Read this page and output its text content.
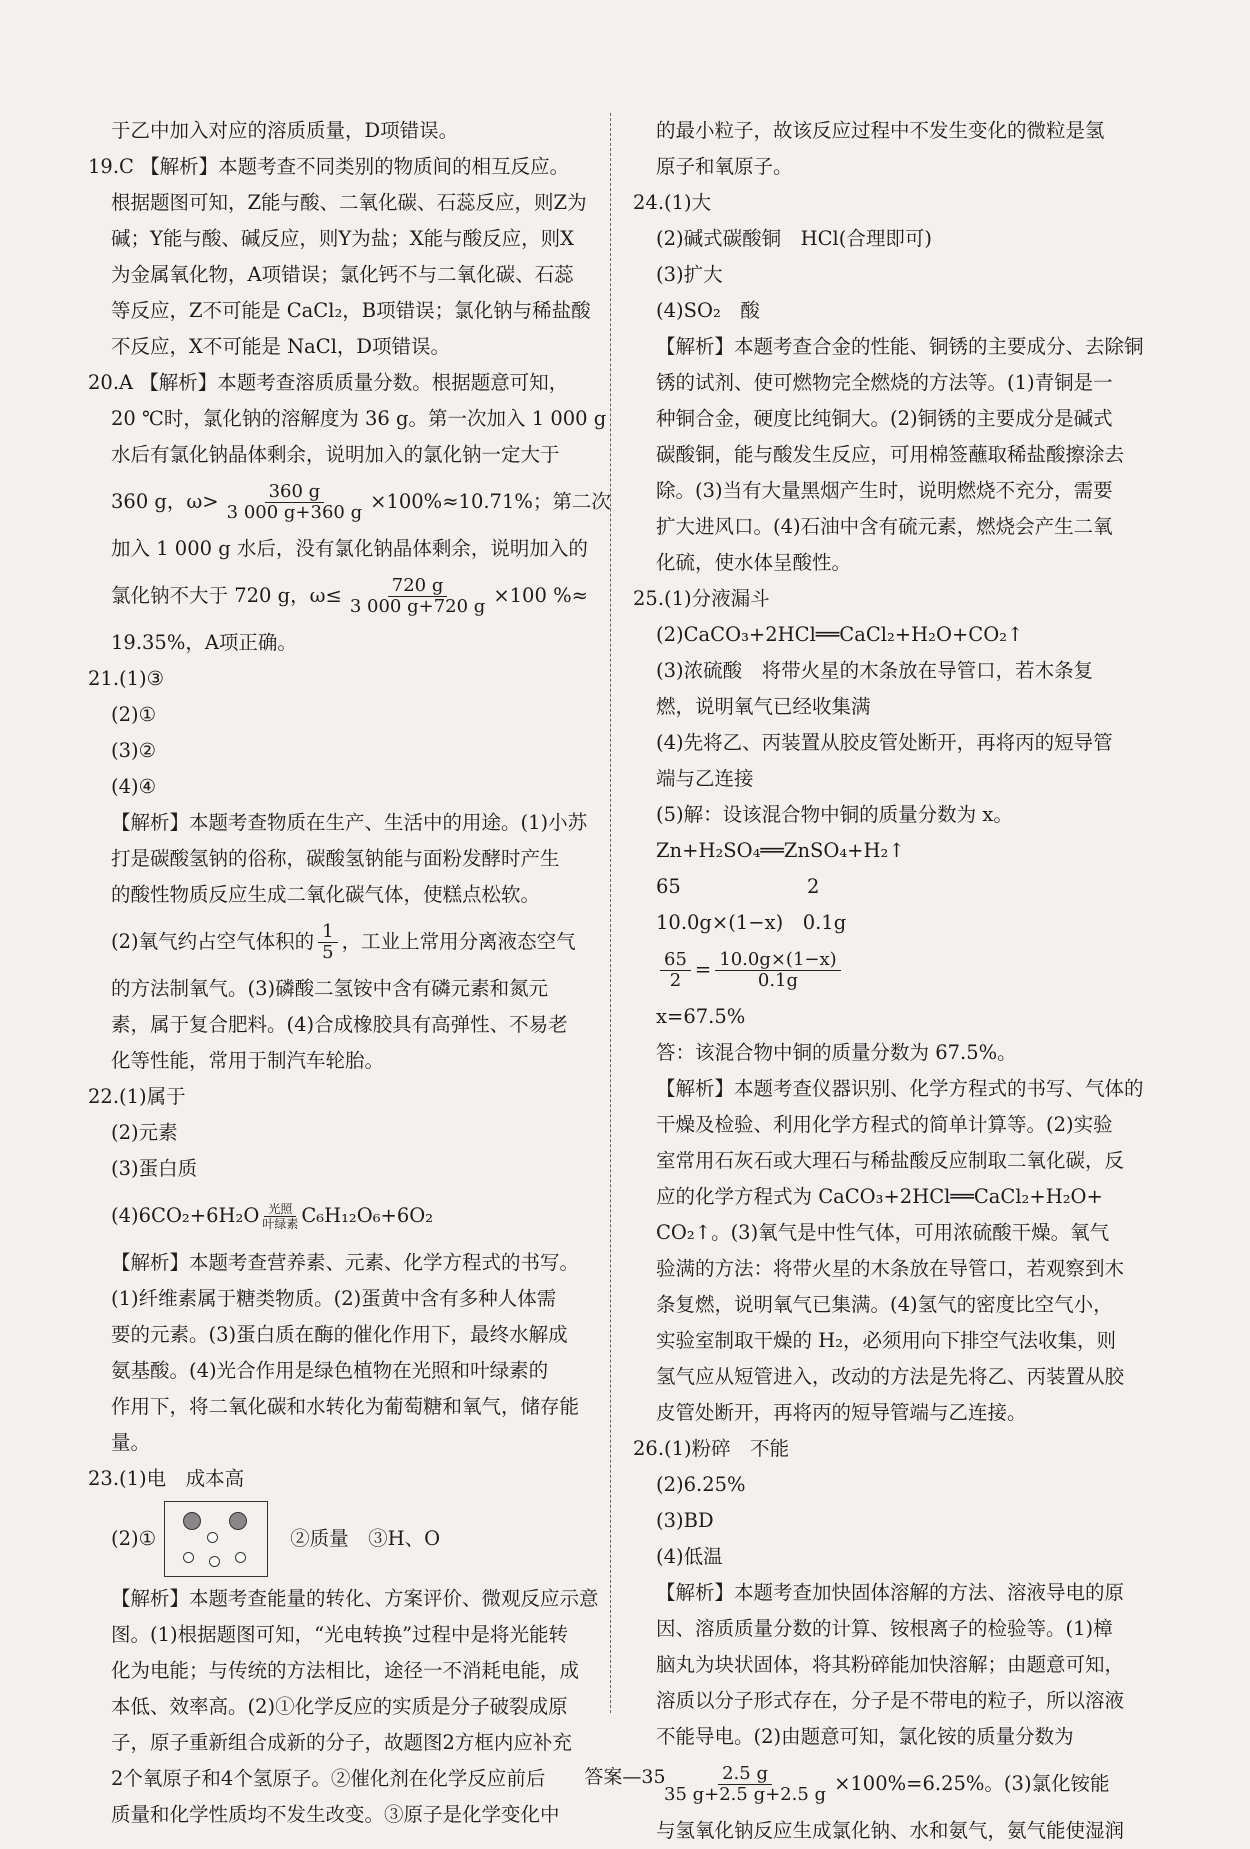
于乙中加入对应的溶质质量，D项错误。
19.C 【解析】本题考查不同类别的物质间的相互反应。
根据题图可知，Z能与酸、二氧化碳、石蕊反应，则Z为
碱；Y能与酸、碱反应，则Y为盐；X能与酸反应，则X
为金属氧化物，A项错误；氯化钙不与二氧化碳、石蕊
等反应，Z不可能是 CaCl₂，B项错误；氯化钠与稀盐酸
不反应，X不可能是 NaCl，D项错误。
20.A 【解析】本题考查溶质质量分数。根据题意可知，
20 ℃时，氯化钠的溶解度为 36 g。第一次加入 1 000 g
水后有氯化钠晶体剩余，说明加入的氯化钠一定大于
360 g，$\omega> \frac{360 g}{3 000 g+360 g} \times 100\%\approx 10.71\%$；第二次
加入 1 000 g 水后，没有氯化钠晶体剩余，说明加入的
氯化钠不大于 720 g，$\omega\le \frac{720 g}{3 000 g+720 g} \times 100$ %≈
19.35%，A项正确。
21.(1)③
(2)①
(3)②
(4)④
【解析】本题考查物质在生产、生活中的用途。(1)小苏
打是碳酸氢钠的俗称，碳酸氢钠能与面粉发酵时产生
的酸性物质反应生成二氧化碳气体，使糕点松软。
(2)氧气约占空气体积的 $\frac{1}{5}$ ，工业上常用分离液态空气
的方法制氧气。(3)磷酸二氢铵中含有磷元素和氮元
素，属于复合肥料。(4)合成橡胶具有高弹性、不易老
化等性能，常用于制汽车轮胎。
22.(1)属于
(2)元素
(3)蛋白质
(4)6CO₂+6H₂O 光照
叶绿素 C₆H₁₂O₆+6O₂
【解析】本题考查营养素、元素、化学方程式的书写。
(1)纤维素属于糖类物质。(2)蛋黄中含有多种人体需
要的元素。(3)蛋白质在酶的催化作用下，最终水解成
氨基酸。(4)光合作用是绿色植物在光照和叶绿素的
作用下，将二氧化碳和水转化为葡萄糖和氧气，储存能
量。
23.(1)电　成本高
(2)①	②质量　③H、O
【解析】本题考查能量的转化、方案评价、微观反应示意
图。(1)根据题图可知，“光电转换”过程中是将光能转
化为电能；与传统的方法相比，途径一不消耗电能，成
本低、效率高。(2)①化学反应的实质是分子破裂成原
子，原子重新组合成新的分子，故题图2方框内应补充
2个氧原子和4个氢原子。②催化剂在化学反应前后
质量和化学性质均不发生改变。③原子是化学变化中
的最小粒子，故该反应过程中不发生变化的微粒是氢
原子和氧原子。
24.(1)大
(2)碱式碳酸铜　HCl(合理即可)
(3)扩大
(4)SO₂　酸
【解析】本题考查合金的性能、铜锈的主要成分、去除铜
锈的试剂、使可燃物完全燃烧的方法等。(1)青铜是一
种铜合金，硬度比纯铜大。(2)铜锈的主要成分是碱式
碳酸铜，能与酸发生反应，可用棉签蘸取稀盐酸擦涂去
除。(3)当有大量黑烟产生时，说明燃烧不充分，需要
扩大进风口。(4)石油中含有硫元素，燃烧会产生二氧
化硫，使水体呈酸性。
25.(1)分液漏斗
(2)CaCO₃+2HCl══CaCl₂+H₂O+CO₂↑
(3)浓硫酸　将带火星的木条放在导管口，若木条复
燃，说明氧气已经收集满
(4)先将乙、丙装置从胶皮管处断开，再将丙的短导管
端与乙连接
(5)解：设该混合物中铜的质量分数为 x。
Zn+H₂SO₄══ZnSO₄+H₂↑
65	2
10.0g×(1−x)　0.1g
$\frac{65}{2} = \frac{10.0g\times(1-x)}{0.1g}$
x=67.5%
答：该混合物中铜的质量分数为 67.5%。
【解析】本题考查仪器识别、化学方程式的书写、气体的
干燥及检验、利用化学方程式的简单计算等。(2)实验
室常用石灰石或大理石与稀盐酸反应制取二氧化碳，反
应的化学方程式为 CaCO₃+2HCl══CaCl₂+H₂O+
CO₂↑。(3)氧气是中性气体，可用浓硫酸干燥。氧气
验满的方法：将带火星的木条放在导管口，若观察到木
条复燃，说明氧气已集满。(4)氢气的密度比空气小，
实验室制取干燥的 H₂，必须用向下排空气法收集，则
氢气应从短管进入，改动的方法是先将乙、丙装置从胶
皮管处断开，再将丙的短导管端与乙连接。
26.(1)粉碎　不能
(2)6.25%
(3)BD
(4)低温
【解析】本题考查加快固体溶解的方法、溶液导电的原
因、溶质质量分数的计算、铵根离子的检验等。(1)樟
脑丸为块状固体，将其粉碎能加快溶解；由题意可知，
溶质以分子形式存在，分子是不带电的粒子，所以溶液
不能导电。(2)由题意可知，氯化铵的质量分数为
$\frac{2.5 g}{35 g+2.5 g+2.5 g} \times 100\%=6.25\%$。(3)氯化铵能
与氢氧化钠反应生成氯化钠、水和氨气，氨气能使湿润
答案—35
